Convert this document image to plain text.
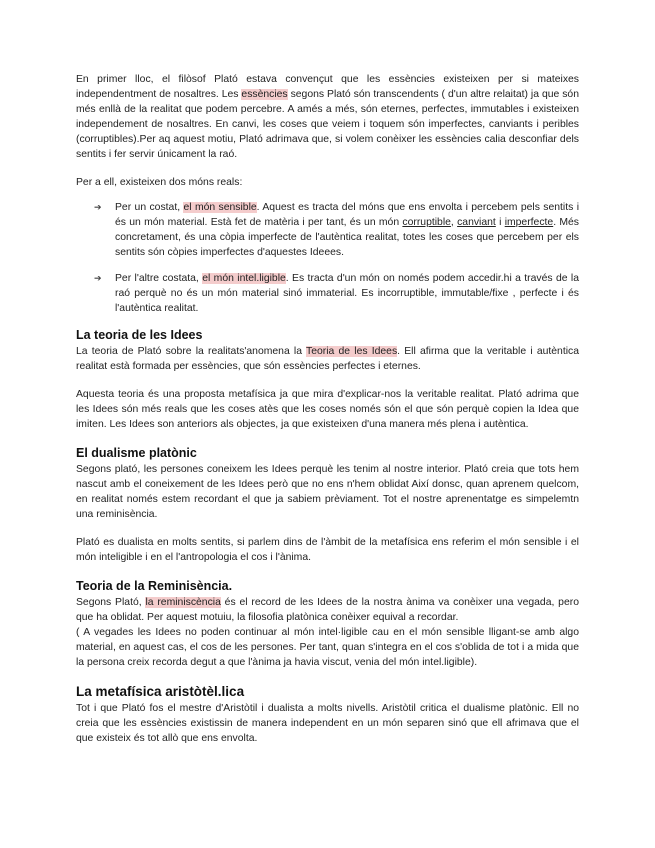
En primer lloc, el filòsof Plató estava convençut que les essències existeixen per si mateixes independentment de nosaltres. Les essències segons Plató són transcendents ( d'un altre relaitat) ja que són més enllà de la realitat que podem percebre. A amés a més, són eternes, perfectes, immutables i existeixen independement de nosaltres. En canvi, les coses que veiem i toquem són imperfectes, canviants i peribles (corruptibles).Per aq aquest motiu, Plató adrimava que, si volem conèixer les essències calia desconfiar dels sentits i fer servir únicament la raó.

Per a ell, existeixen dos móns reals:

➔ Per un costat, el món sensible. Aquest es tracta del móns que ens envolta i percebem pels sentits i és un món material. Està fet de matèria i per tant, és un món corruptible, canviant i imperfecte. Més concretament, és una còpia imperfecte de l'autèntica realitat, totes les coses que percebem per els sentits són còpies imperfectes d'aquestes Ideees.

➔ Per l'altre costata, el món intel.ligible. Es tracta d'un món on només podem accedir.hi a través de la raó perquè no és un món material sinó immaterial. Es incorruptible, immutable/fixe , perfecte i és l'autèntica realitat.

La teoria de les Idees

La teoria de Plató sobre la realitats'anomena la Teoria de les Idees. Ell afirma que la veritable i autèntica realitat està formada per essències, que són essències perfectes i eternes.

Aquesta teoria és una proposta metafísica ja que mira d'explicar-nos la veritable realitat. Plató adrima que les Idees són més reals que les coses atès que les coses només són el que són perquè copien la Idea que imiten. Les Idees son anteriors als objectes, ja que existeixen d'una manera més plena i autèntica.

El dualisme platònic

Segons plató, les persones coneixem les Idees perquè les tenim al nostre interior. Plató creia que tots hem nascut amb el coneixement de les Idees però que no ens n'hem oblidat Així donsc, quan aprenem quelcom, en realitat només estem recordant el que ja sabiem prèviament. Tot el nostre aprenentatge es simpelemtn una reminisència.

Plató es dualista en molts sentits, si parlem dins de l'àmbit de la metafísica ens referim el món sensible i el món inteligible i en el l'antropologia el cos i l'ànima.

Teoria de la Reminisència.

Segons Plató, la reminiscència és el record de les Idees de la nostra ànima va conèixer una vegada, pero que ha oblidat. Per aquest motuiu, la filosofia platònica conèixer equival a recordar.

( A vegades les Idees no poden continuar al món intel·ligible cau en el món sensible lligant-se amb algo material, en aquest cas, el cos de les persones. Per tant, quan s'integra en el cos s'oblida de tot i a mida que la persona creix recorda degut a que l'ànima ja havia viscut, venia del món intel.ligible).

La metafísica aristòtèl.lica

Tot i que Plató fos el mestre d'Aristòtil i dualista a molts nivells. Aristòtil critica el dualisme platònic. Ell no creia que les essències existissin de manera independent en un món separen sinó que ell afrimava que el que existeix és tot allò que ens envolta.
